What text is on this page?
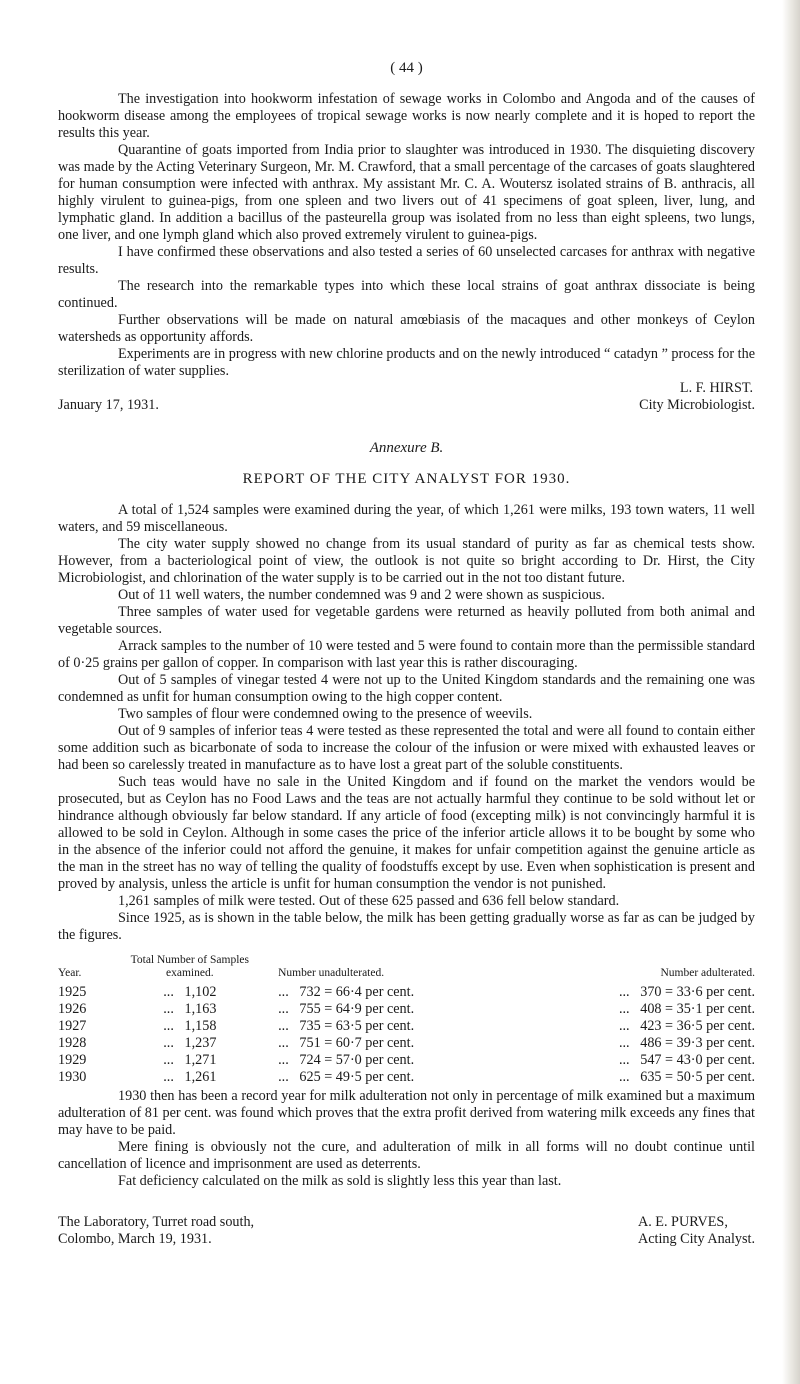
( 44 )

The investigation into hookworm infestation of sewage works in Colombo and Angoda and of the causes of hookworm disease among the employees of tropical sewage works is now nearly complete and it is hoped to report the results this year.

Quarantine of goats imported from India prior to slaughter was introduced in 1930. The disquieting discovery was made by the Acting Veterinary Surgeon, Mr. M. Crawford, that a small percentage of the carcases of goats slaughtered for human consumption were infected with anthrax. My assistant Mr. C. A. Woutersz isolated strains of B. anthracis, all highly virulent to guinea-pigs, from one spleen and two livers out of 41 specimens of goat spleen, liver, lung, and lymphatic gland. In addition a bacillus of the pasteurella group was isolated from no less than eight spleens, two lungs, one liver, and one lymph gland which also proved extremely virulent to guinea-pigs.

I have confirmed these observations and also tested a series of 60 unselected carcases for anthrax with negative results.

The research into the remarkable types into which these local strains of goat anthrax dissociate is being continued.

Further observations will be made on natural amœbiasis of the macaques and other monkeys of Ceylon watersheds as opportunity affords.

Experiments are in progress with new chlorine products and on the newly introduced “ catadyn ” process for the sterilization of water supplies.

L. F. HIRST.
January 17, 1931.	City Microbiologist.
Annexure B.
REPORT OF THE CITY ANALYST FOR 1930.

A total of 1,524 samples were examined during the year, of which 1,261 were milks, 193 town waters, 11 well waters, and 59 miscellaneous.

The city water supply showed no change from its usual standard of purity as far as chemical tests show. However, from a bacteriological point of view, the outlook is not quite so bright according to Dr. Hirst, the City Microbiologist, and chlorination of the water supply is to be carried out in the not too distant future.

Out of 11 well waters, the number condemned was 9 and 2 were shown as suspicious.

Three samples of water used for vegetable gardens were returned as heavily polluted from both animal and vegetable sources.

Arrack samples to the number of 10 were tested and 5 were found to contain more than the permissible standard of 0·25 grains per gallon of copper. In comparison with last year this is rather discouraging.

Out of 5 samples of vinegar tested 4 were not up to the United Kingdom standards and the remaining one was condemned as unfit for human consumption owing to the high copper content.

Two samples of flour were condemned owing to the presence of weevils.

Out of 9 samples of inferior teas 4 were tested as these represented the total and were all found to contain either some addition such as bicarbonate of soda to increase the colour of the infusion or were mixed with exhausted leaves or had been so carelessly treated in manufacture as to have lost a great part of the soluble constituents.

Such teas would have no sale in the United Kingdom and if found on the market the vendors would be prosecuted, but as Ceylon has no Food Laws and the teas are not actually harmful they continue to be sold without let or hindrance although obviously far below standard. If any article of food (excepting milk) is not convincingly harmful it is allowed to be sold in Ceylon. Although in some cases the price of the inferior article allows it to be bought by some who in the absence of the inferior could not afford the genuine, it makes for unfair competition against the genuine article as the man in the street has no way of telling the quality of foodstuffs except by use. Even when sophistication is present and proved by analysis, unless the article is unfit for human consumption the vendor is not punished.

1,261 samples of milk were tested. Out of these 625 passed and 636 fell below standard.

Since 1925, as is shown in the table below, the milk has been getting gradually worse as far as can be judged by the figures.

Year.	Total Number of Samples examined.	Number unadulterated.	Number adulterated.
1925	...   1,102	...   732 = 66·4 per cent.	...   370 = 33·6 per cent.
1926	...   1,163	...   755 = 64·9 per cent.	...   408 = 35·1 per cent.
1927	...   1,158	...   735 = 63·5 per cent.	...   423 = 36·5 per cent.
1928	...   1,237	...   751 = 60·7 per cent.	...   486 = 39·3 per cent.
1929	...   1,271	...   724 = 57·0 per cent.	...   547 = 43·0 per cent.
1930	...   1,261	...   625 = 49·5 per cent.	...   635 = 50·5 per cent.

1930 then has been a record year for milk adulteration not only in percentage of milk examined but a maximum adulteration of 81 per cent. was found which proves that the extra profit derived from watering milk exceeds any fines that may have to be paid.

Mere fining is obviously not the cure, and adulteration of milk in all forms will no doubt continue until cancellation of licence and imprisonment are used as deterrents.

Fat deficiency calculated on the milk as sold is slightly less this year than last.

The Laboratory, Turret road south,
Colombo, March 19, 1931.
A. E. PURVES,
Acting City Analyst.
